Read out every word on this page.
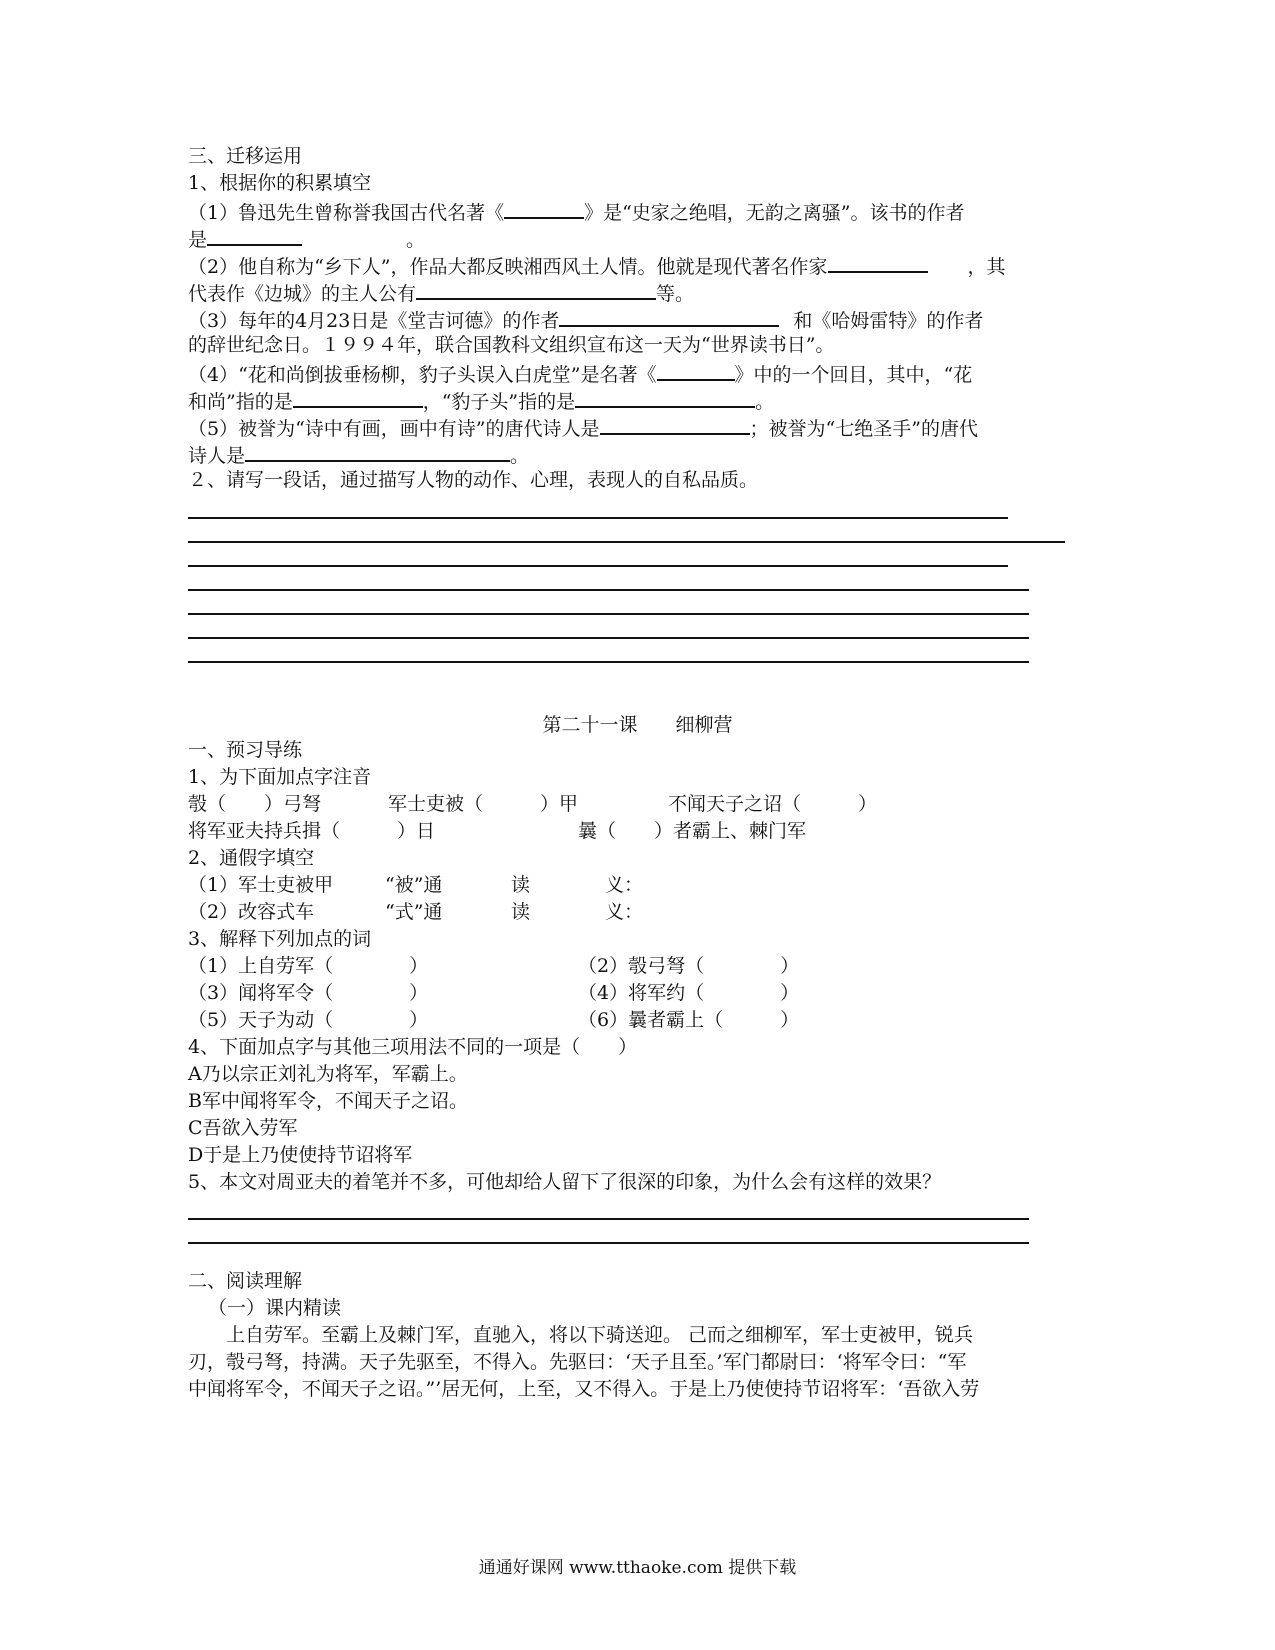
三、迁移运用
1、根据你的积累填空
（1）鲁迅先生曾称誉我国古代名著《	》是“史家之绝唱，无韵之离骚”。该书的作者
是	。
（2）他自称为“乡下人”，作品大都反映湘西风土人情。他就是现代著名作家	，其
代表作《边城》的主人公有	等。
（3）每年的4月23日是《堂吉诃德》的作者	和《哈姆雷特》的作者
的辞世纪念日。１９９４年，联合国教科文组织宣布这一天为“世界读书日”。
（4）“花和尚倒拔垂杨柳，豹子头误入白虎堂”是名著《	》中的一个回目，其中，“花
和尚”指的是	，“豹子头”指的是	。
（5）被誉为“诗中有画，画中有诗”的唐代诗人是	；被誉为“七绝圣手”的唐代
诗人是	。
２、请写一段话，通过描写人物的动作、心理，表现人的自私品质。
第二十一课　　细柳营
一、预习导练
1、为下面加点字注音
彀（　　）弓弩	军士吏被（　　　）甲	不闻天子之诏（　　　）
将军亚夫持兵揖（　　　）日	曩（　　）者霸上、棘门军
2、通假字填空
（1）军士吏被甲	“被”通	读	义：
（2）改容式车	“式”通	读	义：
3、解释下列加点的词
（1）上自劳军（　　　　）	（2）彀弓弩（　　　　）
（3）闻将军令（　　　　）	（4）将军约（　　　　）
（5）天子为动（　　　　）	（6）曩者霸上（　　　）
4、下面加点字与其他三项用法不同的一项是（　　）
A乃以宗正刘礼为将军，军霸上。
B军中闻将军令，不闻天子之诏。
C吾欲入劳军
D于是上乃使使持节诏将军
5、本文对周亚夫的着笔并不多，可他却给人留下了很深的印象，为什么会有这样的效果？
二、阅读理解
（一）课内精读
上自劳军。至霸上及棘门军，直驰入，将以下骑送迎。 己而之细柳军，军士吏被甲，锐兵
刃，彀弓弩，持满。天子先驱至，不得入。先驱曰：‘天子且至。’军门都尉曰：‘将军令曰：“军
中闻将军令，不闻天子之诏。”’居无何，上至，又不得入。于是上乃使使持节诏将军：‘吾欲入劳
通通好课网 www.tthaoke.com 提供下载
